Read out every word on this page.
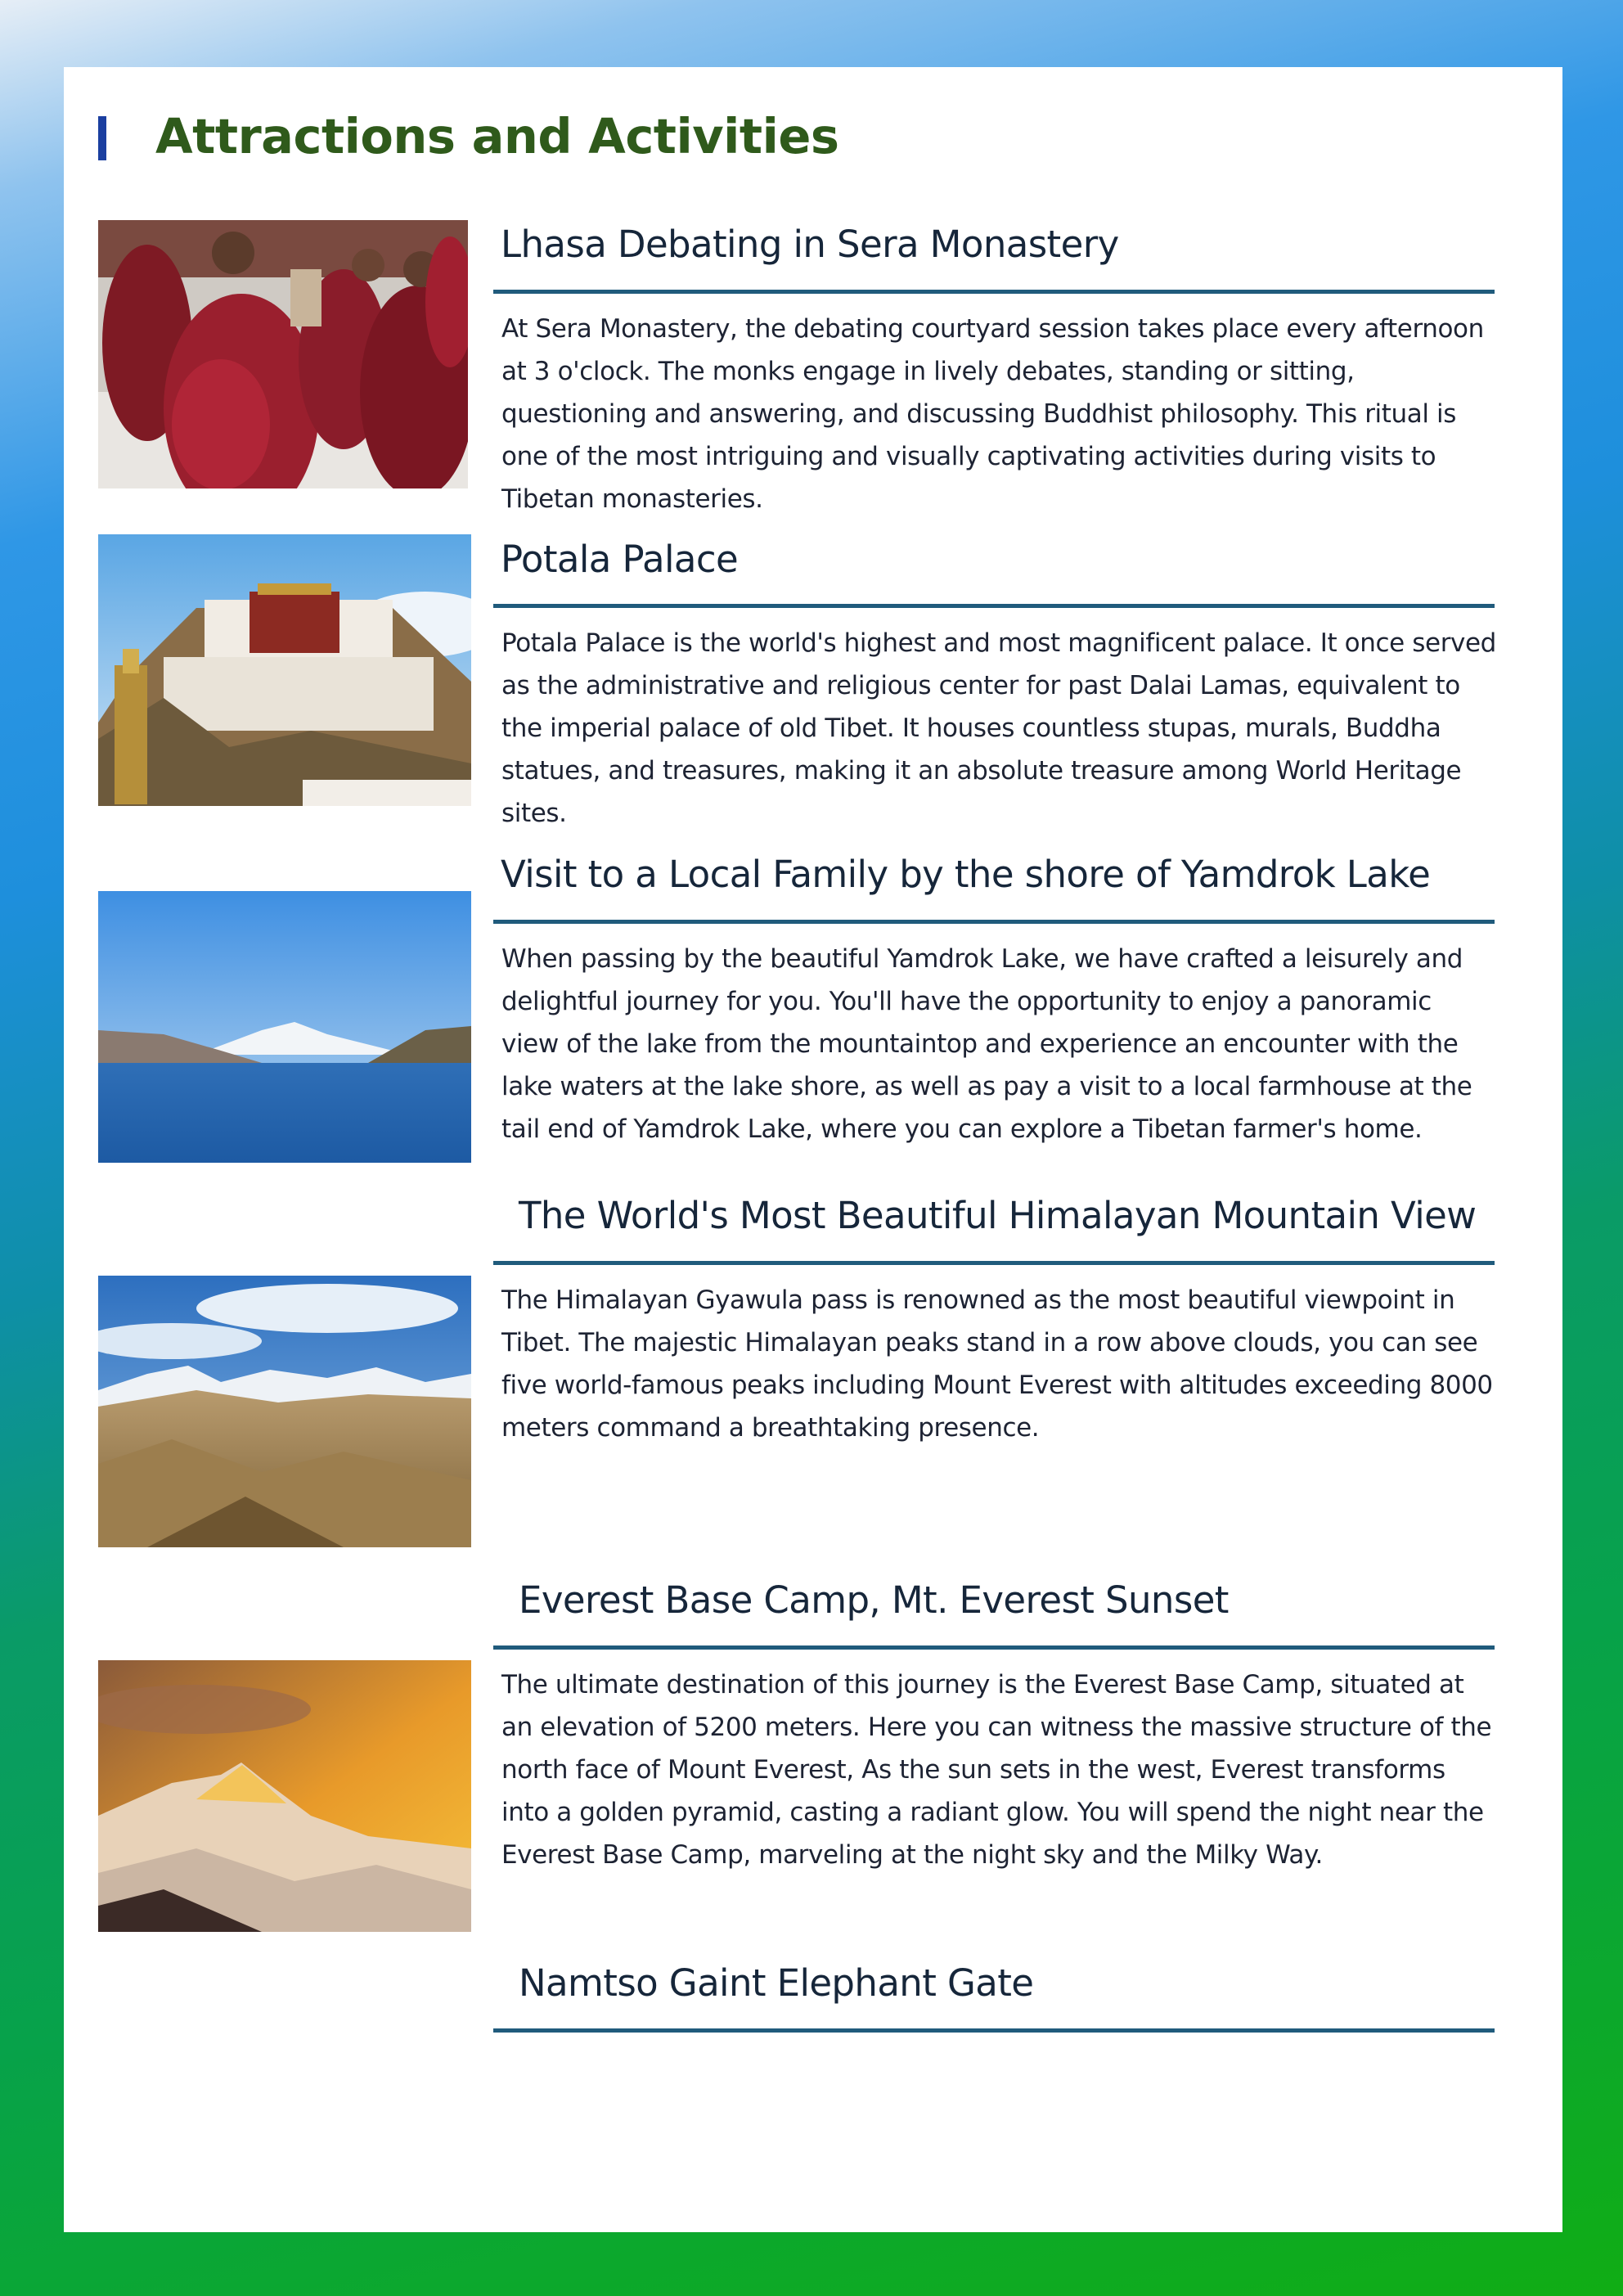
Attractions and Activities
Lhasa Debating in Sera Monastery

At Sera Monastery, the debating courtyard session takes place every afternoon at 3 o'clock. The monks engage in lively debates, standing or sitting, questioning and answering, and discussing Buddhist philosophy. This ritual is one of the most intriguing and visually captivating activities during visits to Tibetan monasteries.

Potala Palace

Potala Palace is the world's highest and most magnificent palace. It once served as the administrative and religious center for past Dalai Lamas, equivalent to the imperial palace of old Tibet. It houses countless stupas, murals, Buddha statues, and treasures, making it an absolute treasure among World Heritage sites.

Visit to a Local Family by the shore of Yamdrok Lake

When passing by the beautiful Yamdrok Lake, we have crafted a leisurely and delightful journey for you. You'll have the opportunity to enjoy a panoramic view of the lake from the mountaintop and experience an encounter with the lake waters at the lake shore, as well as pay a visit to a local farmhouse at the tail end of Yamdrok Lake, where you can explore a Tibetan farmer's home.

The World's Most Beautiful Himalayan Mountain View

The Himalayan Gyawula pass is renowned as the most beautiful viewpoint in Tibet. The majestic Himalayan peaks stand in a row above clouds, you can see five world-famous peaks including Mount Everest with altitudes exceeding 8000 meters command a breathtaking presence.

Everest Base Camp, Mt. Everest Sunset

The ultimate destination of this journey is the Everest Base Camp, situated at an elevation of 5200 meters. Here you can witness the massive structure of the north face of Mount Everest, As the sun sets in the west, Everest transforms into a golden pyramid, casting a radiant glow. You will spend the night near the Everest Base Camp, marveling at the night sky and the Milky Way.

Namtso Gaint Elephant Gate
